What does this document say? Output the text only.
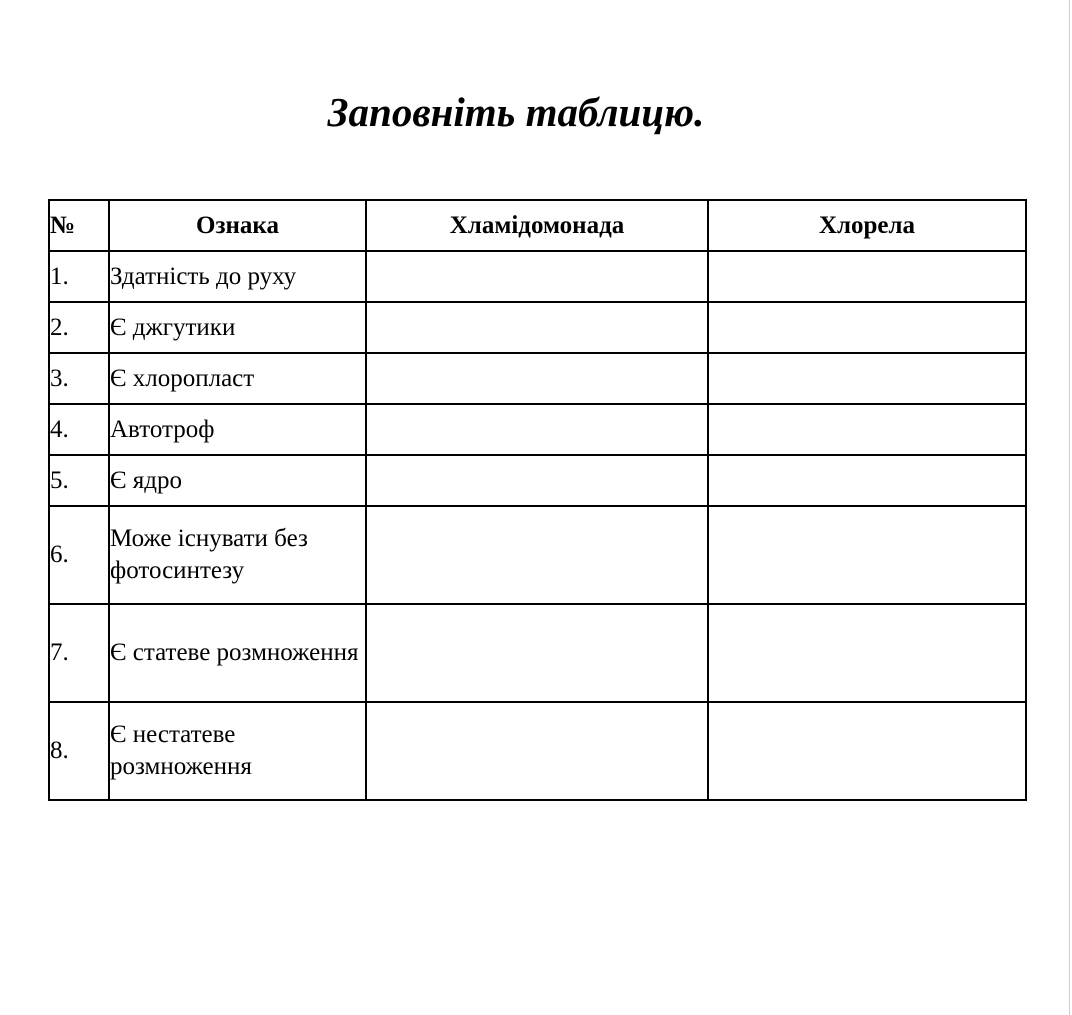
Заповніть таблицю.
№	Ознака	Хламідомонада	Хлорела
1.	Здатність до руху		
2.	Є джгутики		
3.	Є хлоропласт		
4.	Автотроф		
5.	Є ядро		
6.	Може існувати без фотосинтезу		
7.	Є статеве розмноження		
8.	Є нестатеве розмноження		
